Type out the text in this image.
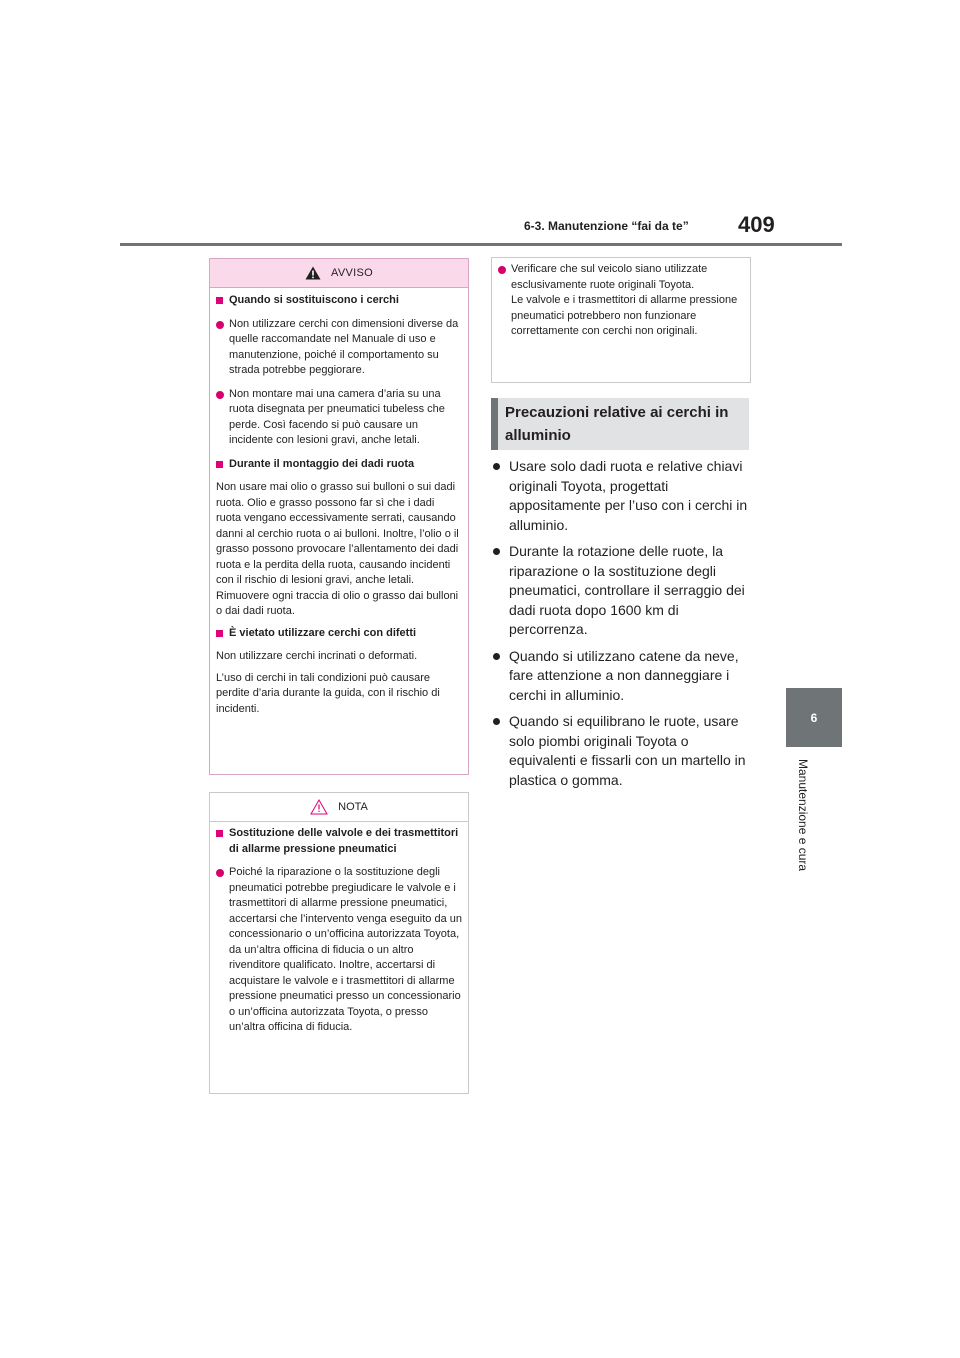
6-3. Manutenzione “fai da te” 409
6
Manutenzione e cura
AVVISO
Quando si sostituiscono i cerchi
Non utilizzare cerchi con dimensioni diverse da quelle raccomandate nel Manuale di uso e manutenzione, poiché il comportamento su strada potrebbe peggiorare.
Non montare mai una camera d’aria su una ruota disegnata per pneumatici tubeless che perde. Così facendo si può causare un incidente con lesioni gravi, anche letali.
Durante il montaggio dei dadi ruota
Non usare mai olio o grasso sui bulloni o sui dadi ruota. Olio e grasso possono far sì che i dadi ruota vengano eccessivamente serrati, causando danni al cerchio ruota o ai bulloni. Inoltre, l’olio o il grasso possono provocare l’allentamento dei dadi ruota e la perdita della ruota, causando incidenti con il rischio di lesioni gravi, anche letali. Rimuovere ogni traccia di olio o grasso dai bulloni o dai dadi ruota.
È vietato utilizzare cerchi con difetti
Non utilizzare cerchi incrinati o deformati.
L’uso di cerchi in tali condizioni può causare perdite d’aria durante la guida, con il rischio di incidenti.
NOTA
Sostituzione delle valvole e dei trasmettitori di allarme pressione pneumatici
Poiché la riparazione o la sostituzione degli pneumatici potrebbe pregiudicare le valvole e i trasmettitori di allarme pressione pneumatici, accertarsi che l’intervento venga eseguito da un concessionario o un’officina autorizzata Toyota, da un’altra officina di fiducia o un altro rivenditore qualificato. Inoltre, accertarsi di acquistare le valvole e i trasmettitori di allarme pressione pneumatici presso un concessionario o un’officina autorizzata Toyota, o presso un’altra officina di fiducia.
Verificare che sul veicolo siano utilizzate esclusivamente ruote originali Toyota.
Le valvole e i trasmettitori di allarme pressione pneumatici potrebbero non funzionare correttamente con cerchi non originali.
Precauzioni relative ai cerchi in alluminio
Usare solo dadi ruota e relative chiavi originali Toyota, progettati appositamente per l’uso con i cerchi in alluminio.
Durante la rotazione delle ruote, la riparazione o la sostituzione degli pneumatici, controllare il serraggio dei dadi ruota dopo 1600 km di percorrenza.
Quando si utilizzano catene da neve, fare attenzione a non danneggiare i cerchi in alluminio.
Quando si equilibrano le ruote, usare solo piombi originali Toyota o equivalenti e fissarli con un martello in plastica o gomma.
